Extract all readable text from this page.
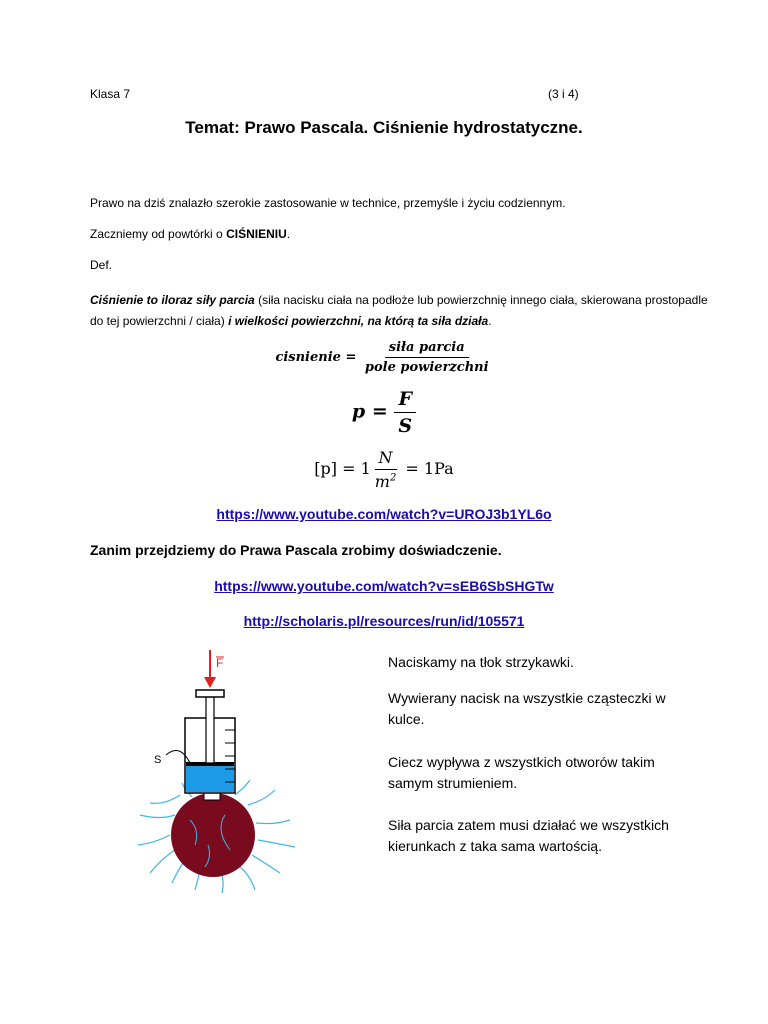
Klasa 7	(3 i 4)
Temat: Prawo Pascala. Ciśnienie hydrostatyczne.
Prawo na dziś znalazło szerokie zastosowanie w technice, przemyśle i życiu codziennym.
Zaczniemy od powtórki o CIŚNIENIU.
Def.
Ciśnienie to iloraz siły parcia (siła nacisku ciała na podłoże lub powierzchnię innego ciała, skierowana prostopadle do tej powierzchni / ciała) i wielkości powierzchni, na którą ta siła działa.
cisnienie = $\frac{\text{siła parcia}}{\text{pole powierzchni}}$
$p = \frac{F}{S}$
$[p] = 1 \frac{N}{m^2} = 1Pa$
https://www.youtube.com/watch?v=UROJ3b1YL6o
Zanim przejdziemy do Prawa Pascala zrobimy doświadczenie.
https://www.youtube.com/watch?v=sEB6SbSHGTw
http://scholaris.pl/resources/run/id/105571
F
S
Naciskamy na tłok strzykawki.
Wywierany nacisk na wszystkie cząsteczki w kulce.
Ciecz wypływa z wszystkich otworów takim samym strumieniem.
Siła parcia zatem musi działać we wszystkich kierunkach z taka sama wartością.
